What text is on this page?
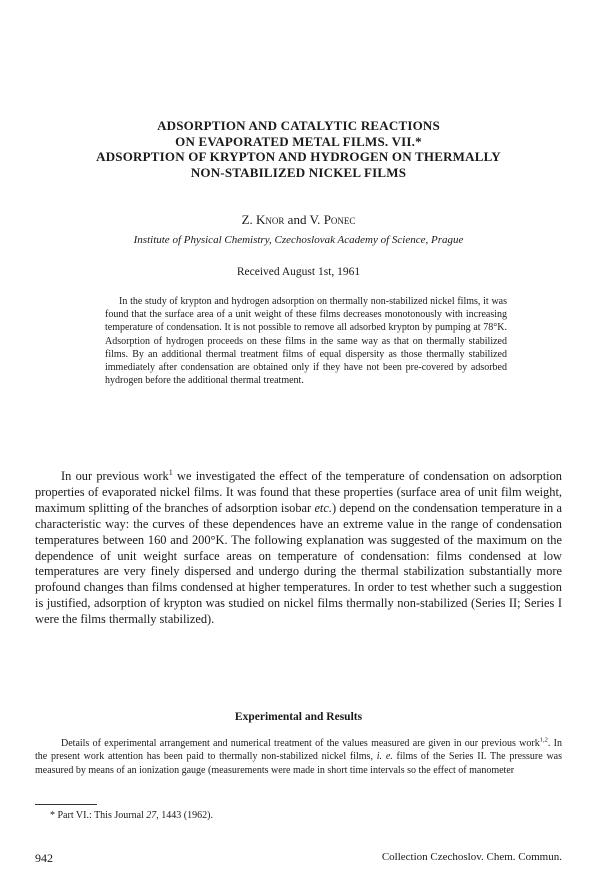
ADSORPTION AND CATALYTIC REACTIONS
ON EVAPORATED METAL FILMS. VII.*
ADSORPTION OF KRYPTON AND HYDROGEN ON THERMALLY
NON-STABILIZED NICKEL FILMS
Z. Knor and V. Ponec
Institute of Physical Chemistry, Czechoslovak Academy of Science, Prague
Received August 1st, 1961

In the study of krypton and hydrogen adsorption on thermally non-stabilized nickel films, it was found that the surface area of a unit weight of these films decreases monotonously with increasing temperature of condensation. It is not possible to remove all adsorbed krypton by pumping at 78°K. Adsorption of hydrogen proceeds on these films in the same way as that on thermally stabilized films. By an additional thermal treatment films of equal dispersity as those thermally stabilized immediately after condensation are obtained only if they have not been pre-covered by adsorbed hydrogen before the additional thermal treatment.

In our previous work$^1$ we investigated the effect of the temperature of condensation on adsorption properties of evaporated nickel films. It was found that these properties (surface area of unit film weight, maximum splitting of the branches of adsorption isobar etc.) depend on the condensation temperature in a characteristic way: the curves of these dependences have an extreme value in the range of condensation temperatures between 160 and 200°K. The following explanation was suggested of the maximum on the dependence of unit weight surface areas on temperature of condensation: films condensed at low temperatures are very finely dispersed and undergo during the thermal stabilization substantially more profound changes than films condensed at higher temperatures. In order to test whether such a suggestion is justified, adsorption of krypton was studied on nickel films thermally non-stabilized (Series II; Series I were the films thermally stabilized).

Experimental and Results

Details of experimental arrangement and numerical treatment of the values measured are given in our previous work$^{1,2}$. In the present work attention has been paid to thermally non-stabilized nickel films, i. e. films of the Series II. The pressure was measured by means of an ionization gauge (measurements were made in short time intervals so the effect of manometer

* Part VI.: This Journal 27, 1443 (1962).
942	Collection Czechoslov. Chem. Commun.
